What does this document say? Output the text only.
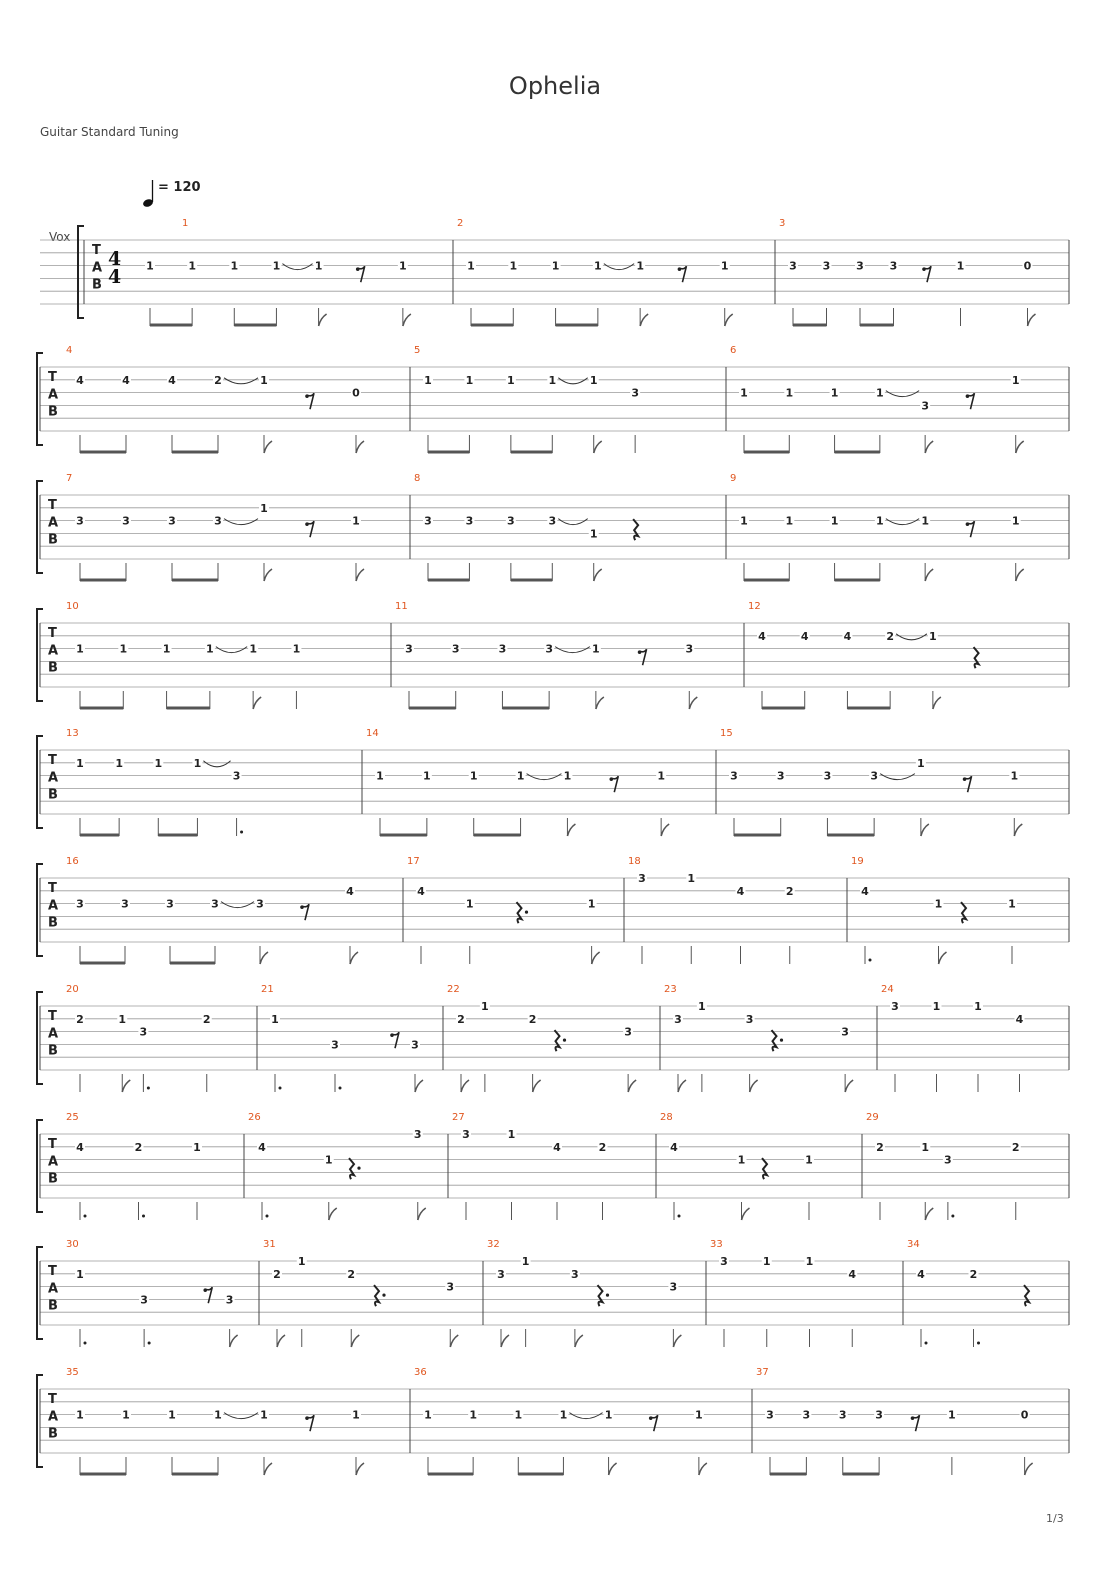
Ophelia
Guitar Standard Tuning
= 120
Vox
1/3
T
A
B
4
4
1
1	1	1	1	1	1
2
1	1	1	1	1	1
3
3 3 3 3	1	0
T
A
B
4
4	4	4	2	1
0
5
1	1	1	1	1
3
6
1	1	1	1
3
1
T
A
B
7
3	3	3	3
1
1
8
3	3	3	3
1
9
1	1	1	1	1	1
T
A
B
10
1	1	1	1	1	1
11
3	3	3	3	1	3
12
4	4	4	2	1
T
A
B
13
1	1	1	1
3
14
1	1	1	1	1	1
15
3	3	3	3
1
1
T
A
B
16
3	3	3	3	3
4
17
4
1	1
18
3	1
4	2
19
4
1	1
T
A
B
20
2	1
3
2
21
1
3	3
22
2
1
2
3
23
3
1
3
3
24
3	1	1
4
T
A
B
25
4	2	1
26
4
1
3
27
3	1
4	2
28
4
1	1
29
2	1
3
2
T
A
B
30
1
3	3
31
2
1
2
3
32
3
1
3
3
33
3	1	1
4
34
4	2
T
A
B
35
1	1	1	1	1	1
36
1	1	1	1	1	1
37
3	3	3	3	1	0
